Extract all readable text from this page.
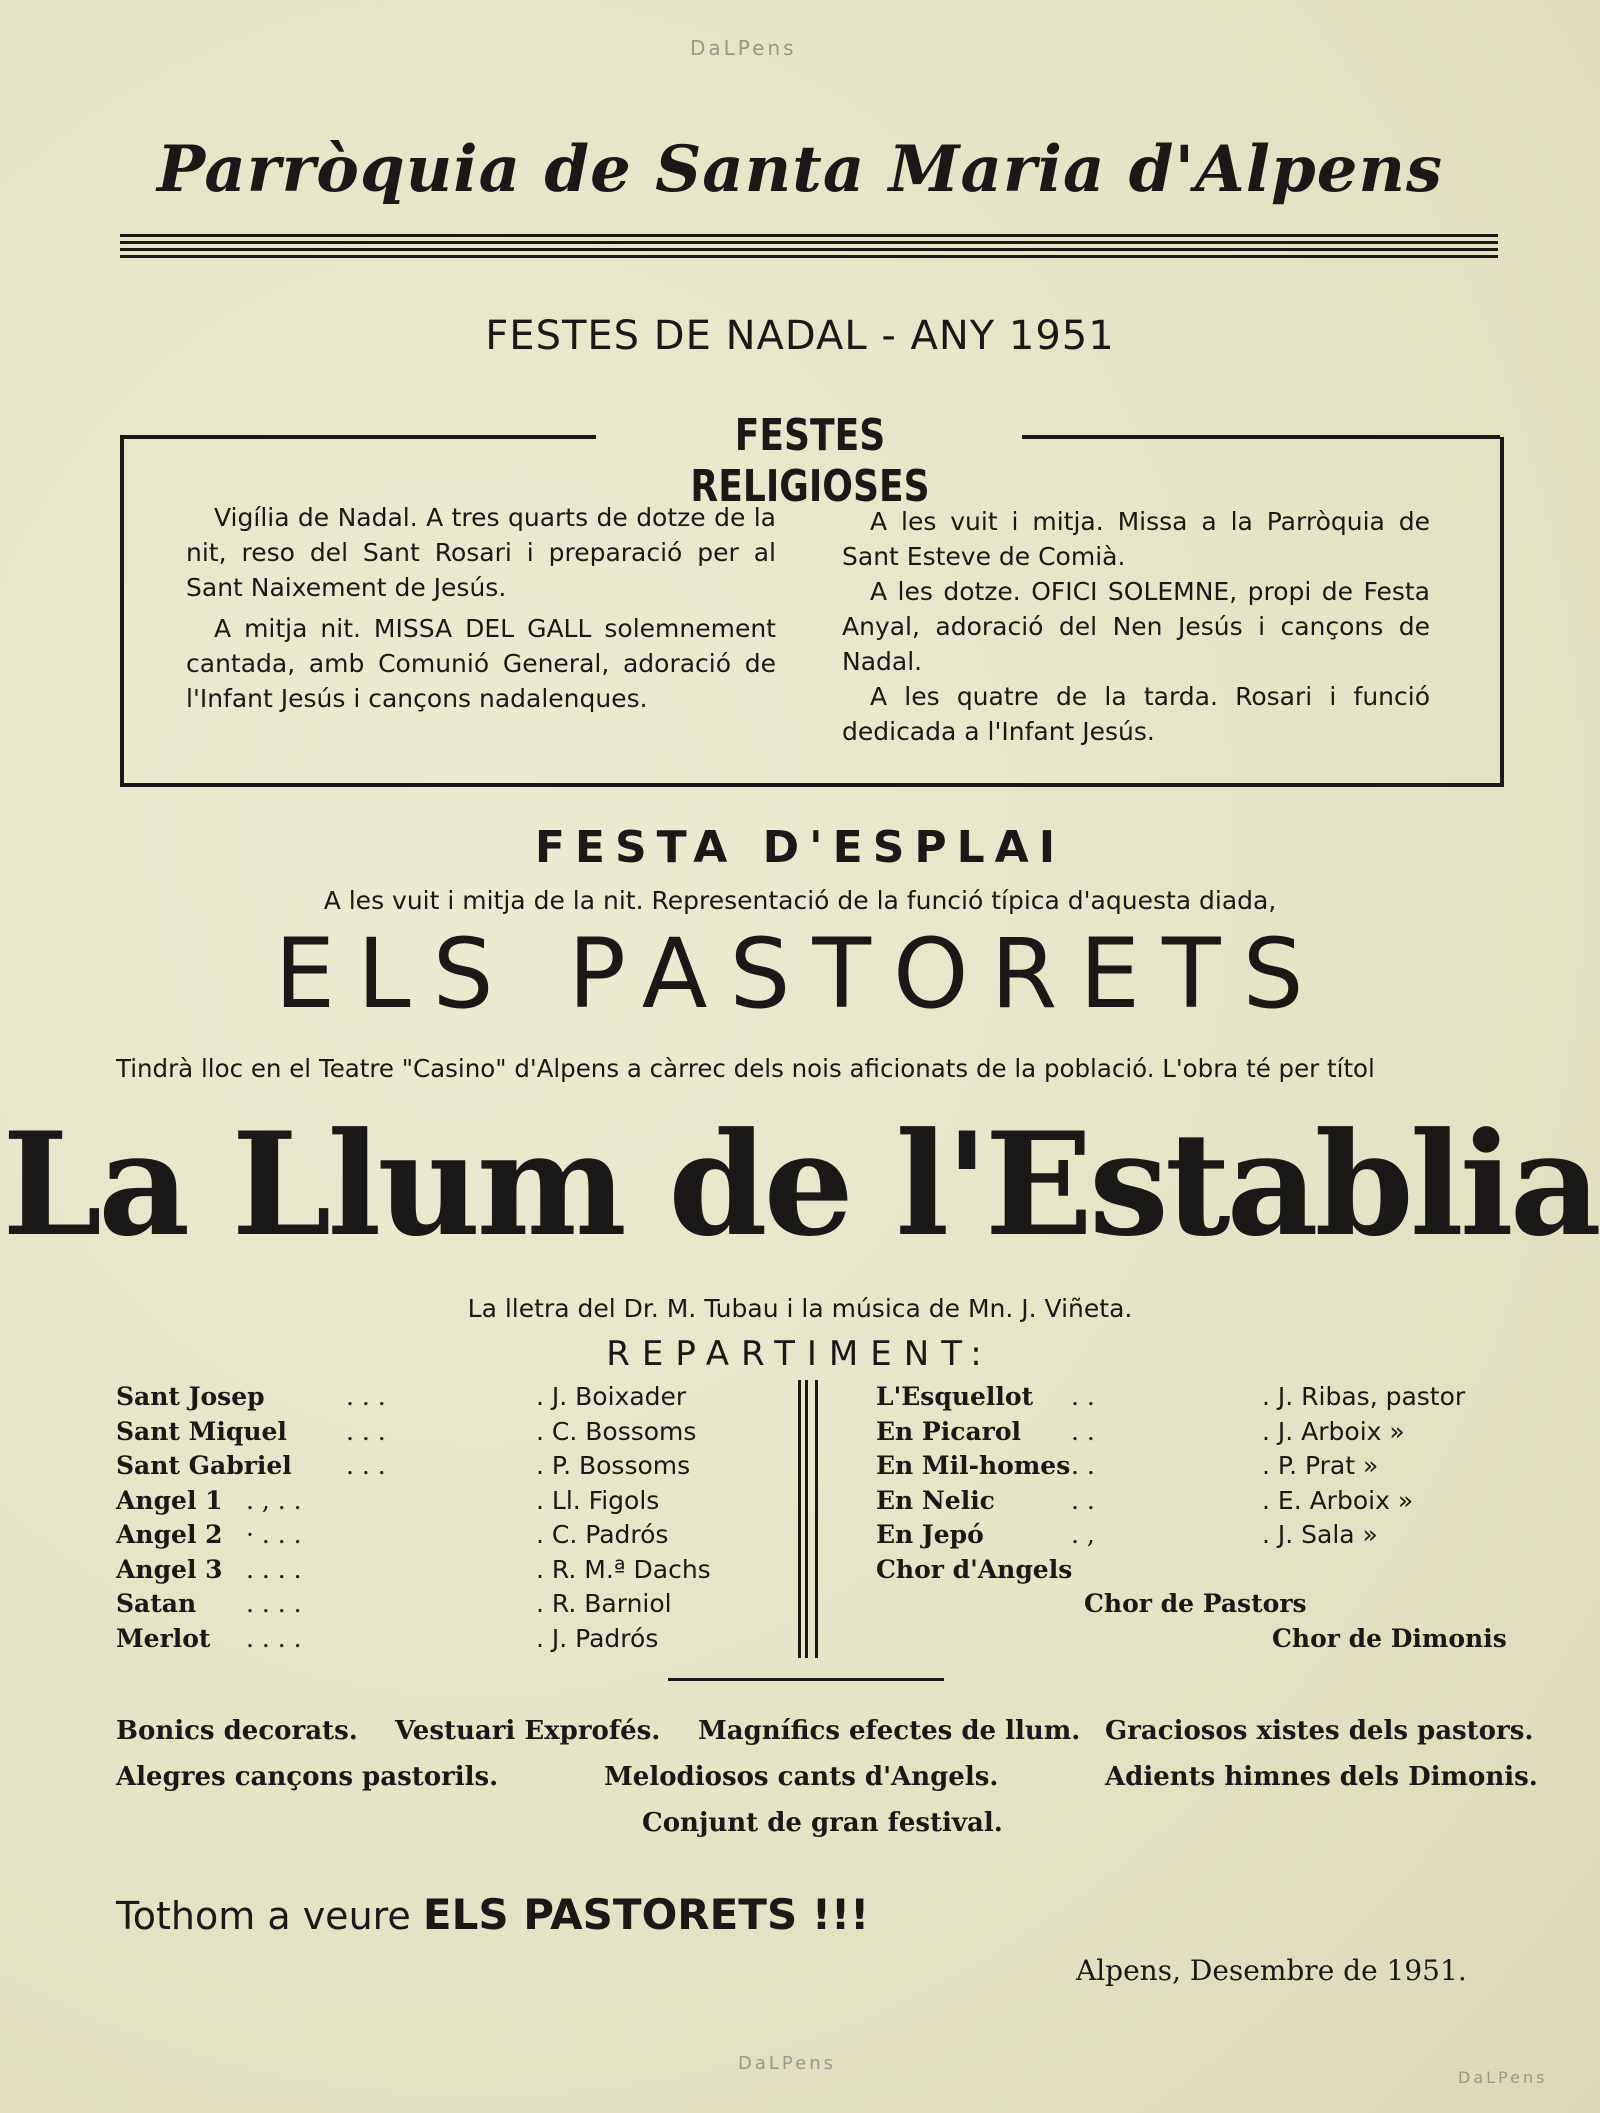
DaLPens
DaLPens
DaLPens
Parròquia de Santa Maria d'Alpens
FESTES DE NADAL - ANY 1951
FESTES RELIGIOSES

Vigília de Nadal. A tres quarts de dotze de la nit, reso del Sant Rosari i preparació per al Sant Naixement de Jesús.

A mitja nit. MISSA DEL GALL solemnement cantada, amb Comunió General, adoració de l'Infant Jesús i cançons nadalenques.

A les vuit i mitja. Missa a la Parròquia de Sant Esteve de Comià.

A les dotze. OFICI SOLEMNE, propi de Festa Anyal, adoració del Nen Jesús i cançons de Nadal.

A les quatre de la tarda. Rosari i funció dedicada a l'Infant Jesús.

FESTA D'ESPLAI
A les vuit i mitja de la nit. Representació de la funció típica d'aquesta diada,
ELS PASTORETS
Tindrà lloc en el Teatre "Casino" d'Alpens a càrrec dels nois aficionats de la població. L'obra té per títol
La Llum de l'Establia
La lletra del Dr. M. Tubau i la música de Mn. J. Viñeta.
REPARTIMENT:
Sant Josep	. . .	. J. Boixader
Sant Miquel . . .	. C. Bossoms
Sant Gabriel . . .	. P. Bossoms
Angel 1 . , . .	. Ll. Figols
Angel 2 · . . .	. C. Padrós
Angel 3 . . . .	. R. M.ª Dachs
Satan . . . .	. R. Barniol
Merlot . . . .	. J. Padrós
L'Esquellot . .	. J. Ribas, pastor
En Picarol . .	. J. Arboix »
En Mil-homes . .	. P. Prat »
En Nelic	. .	. E. Arboix »
En Jepó	. ,	. J. Sala »
Chor d'Angels
Chor de Pastors
Chor de Dimonis
Bonics decorats. Vestuari Exprofés. Magnífics efectes de llum. Graciosos xistes dels pastors.
Alegres cançons pastorils.	Melodiosos cants d'Angels.	Adients himnes dels Dimonis.
Conjunt de gran festival.
Tothom a veure ELS PASTORETS !!!
Alpens, Desembre de 1951.
